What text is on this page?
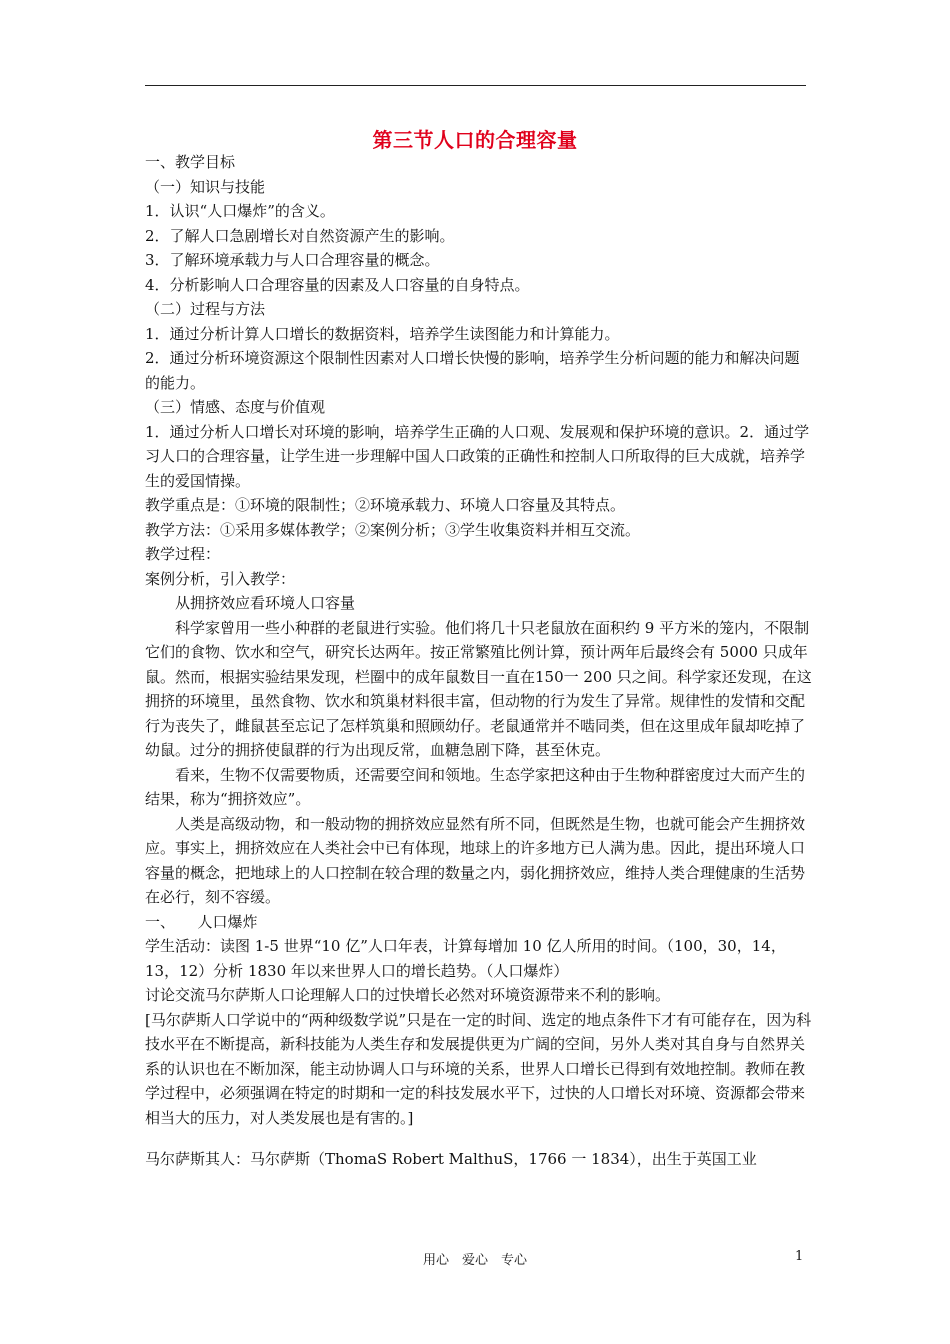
第三节人口的合理容量

一、教学目标

（一）知识与技能

1．认识“人口爆炸”的含义。

2．了解人口急剧增长对自然资源产生的影响。

3．了解环境承载力与人口合理容量的概念。

4．分析影响人口合理容量的因素及人口容量的自身特点。

（二）过程与方法

1．通过分析计算人口增长的数据资料，培养学生读图能力和计算能力。

2．通过分析环境资源这个限制性因素对人口增长快慢的影响，培养学生分析问题的能力和解决问题的能力。

（三）情感、态度与价值观

1．通过分析人口增长对环境的影响，培养学生正确的人口观、发展观和保护环境的意识。2．通过学习人口的合理容量，让学生进一步理解中国人口政策的正确性和控制人口所取得的巨大成就，培养学生的爱国情操。

教学重点是：①环境的限制性；②环境承载力、环境人口容量及其特点。

教学方法：①采用多媒体教学；②案例分析；③学生收集资料并相互交流。

教学过程：

案例分析，引入教学：

从拥挤效应看环境人口容量

科学家曾用一些小种群的老鼠进行实验。他们将几十只老鼠放在面积约 9 平方米的笼内，不限制它们的食物、饮水和空气，研究长达两年。按正常繁殖比例计算，预计两年后最终会有 5000 只成年鼠。然而，根据实验结果发现，栏圈中的成年鼠数目一直在150一 200 只之间。科学家还发现，在这拥挤的环境里，虽然食物、饮水和筑巢材料很丰富，但动物的行为发生了异常。规律性的发情和交配行为丧失了，雌鼠甚至忘记了怎样筑巢和照顾幼仔。老鼠通常并不啮同类，但在这里成年鼠却吃掉了幼鼠。过分的拥挤使鼠群的行为出现反常，血糖急剧下降，甚至休克。

看来，生物不仅需要物质，还需要空间和领地。生态学家把这种由于生物种群密度过大而产生的结果，称为“拥挤效应”。

人类是高级动物，和一般动物的拥挤效应显然有所不同，但既然是生物，也就可能会产生拥挤效应。事实上，拥挤效应在人类社会中已有体现，地球上的许多地方已人满为患。因此，提出环境人口容量的概念，把地球上的人口控制在较合理的数量之内，弱化拥挤效应，维持人类合理健康的生活势在必行，刻不容缓。

一、　　人口爆炸

学生活动：读图 1-5 世界“10 亿”人口年表，计算每增加 10 亿人所用的时间。（100，30，14，13，12）分析 1830 年以来世界人口的增长趋势。（人口爆炸）

讨论交流马尔萨斯人口论理解人口的过快增长必然对环境资源带来不利的影响。

[马尔萨斯人口学说中的“两种级数学说”只是在一定的时间、选定的地点条件下才有可能存在，因为科技水平在不断提高，新科技能为人类生存和发展提供更为广阔的空间，另外人类对其自身与自然界关系的认识也在不断加深，能主动协调人口与环境的关系，世界人口增长已得到有效地控制。教师在教学过程中，必须强调在特定的时期和一定的科技发展水平下，过快的人口增长对环境、资源都会带来相当大的压力，对人类发展也是有害的。]

马尔萨斯其人：马尔萨斯（ThomaS Robert MalthuS，1766 一 1834），出生于英国工业

用心　爱心　专心	1
